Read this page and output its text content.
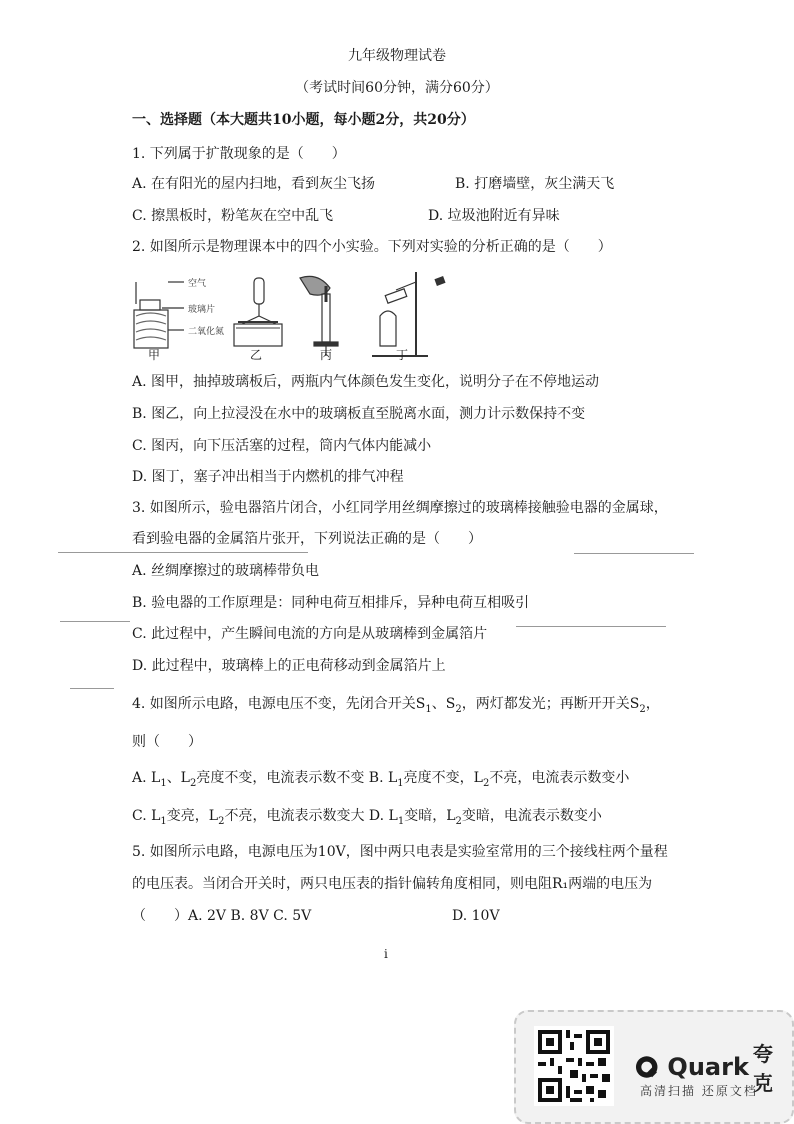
九年级物理试卷
（考试时间60分钟，满分60分）
一、选择题（本大题共10小题，每小题2分，共20分）
1. 下列属于扩散现象的是（　　）
A. 在有阳光的屋内扫地，看到灰尘飞扬	B. 打磨墙壁，灰尘满天飞
C. 擦黑板时，粉笔灰在空中乱飞	D. 垃圾池附近有异味
2. 如图所示是物理课本中的四个小实验。下列对实验的分析正确的是（　　）
空气
玻璃片
二氧化氮
甲	乙	丙	丁
A. 图甲，抽掉玻璃板后，两瓶内气体颜色发生变化，说明分子在不停地运动
B. 图乙，向上拉浸没在水中的玻璃板直至脱离水面，测力计示数保持不变
C. 图丙，向下压活塞的过程，筒内气体内能减小
D. 图丁，塞子冲出相当于内燃机的排气冲程
3. 如图所示，验电器箔片闭合，小红同学用丝绸摩擦过的玻璃棒接触验电器的金属球，
看到验电器的金属箔片张开，下列说法正确的是（　　）
A. 丝绸摩擦过的玻璃棒带负电
B. 验电器的工作原理是：同种电荷互相排斥，异种电荷互相吸引
C. 此过程中，产生瞬间电流的方向是从玻璃棒到金属箔片
D. 此过程中，玻璃棒上的正电荷移动到金属箔片上
4. 如图所示电路，电源电压不变，先闭合开关$S_1$、$S_2$，两灯都发光；再断开开关$S_2$，
则（　　）
A. $L_1$、$L_2$亮度不变，电流表示数不变 B. $L_1$亮度不变，$L_2$不亮，电流表示数变小
C. $L_1$变亮，$L_2$不亮，电流表示数变大 D. $L_1$变暗，$L_2$变暗，电流表示数变小
5. 如图所示电路，电源电压为10V，图中两只电表是实验室常用的三个接线柱两个量程
的电压表。当闭合开关时，两只电压表的指针偏转角度相同，则电阻R₁两端的电压为
（　　）A. 2V B. 8V C. 5V	D. 10V
i
Quark 夸克
高清扫描 还原文档
